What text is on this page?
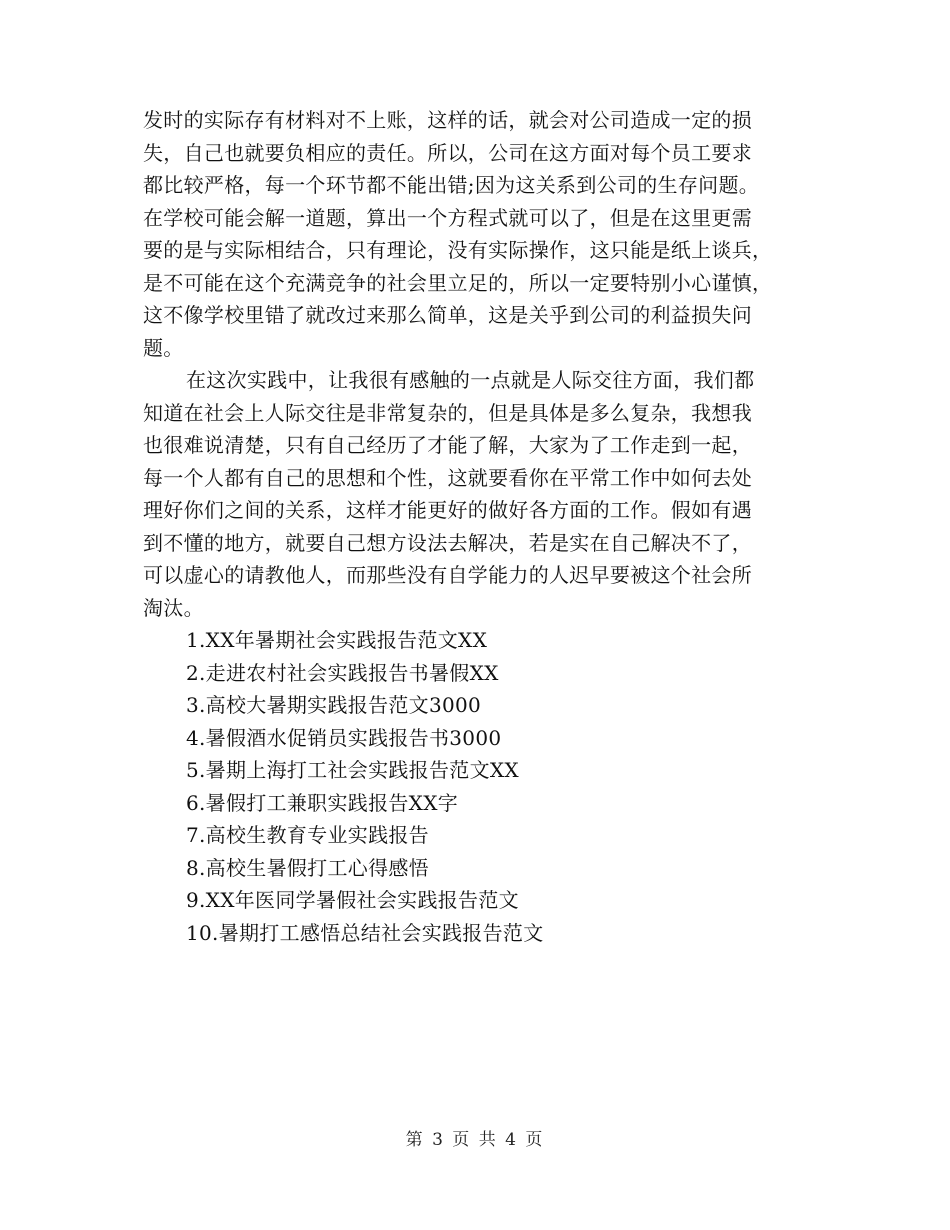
发时的实际存有材料对不上账，这样的话，就会对公司造成一定的损
失，自己也就要负相应的责任。所以，公司在这方面对每个员工要求
都比较严格，每一个环节都不能出错;因为这关系到公司的生存问题。
在学校可能会解一道题，算出一个方程式就可以了，但是在这里更需
要的是与实际相结合，只有理论，没有实际操作，这只能是纸上谈兵，
是不可能在这个充满竞争的社会里立足的，所以一定要特别小心谨慎，
这不像学校里错了就改过来那么简单，这是关乎到公司的利益损失问
题。
在这次实践中，让我很有感触的一点就是人际交往方面，我们都
知道在社会上人际交往是非常复杂的，但是具体是多么复杂，我想我
也很难说清楚，只有自己经历了才能了解，大家为了工作走到一起，
每一个人都有自己的思想和个性，这就要看你在平常工作中如何去处
理好你们之间的关系，这样才能更好的做好各方面的工作。假如有遇
到不懂的地方，就要自己想方设法去解决，若是实在自己解决不了，
可以虚心的请教他人，而那些没有自学能力的人迟早要被这个社会所
淘汰。
1.XX年暑期社会实践报告范文XX
2.走进农村社会实践报告书暑假XX
3.高校大暑期实践报告范文3000
4.暑假酒水促销员实践报告书3000
5.暑期上海打工社会实践报告范文XX
6.暑假打工兼职实践报告XX字
7.高校生教育专业实践报告
8.高校生暑假打工心得感悟
9.XX年医同学暑假社会实践报告范文
10.暑期打工感悟总结社会实践报告范文
第 3 页 共 4 页
